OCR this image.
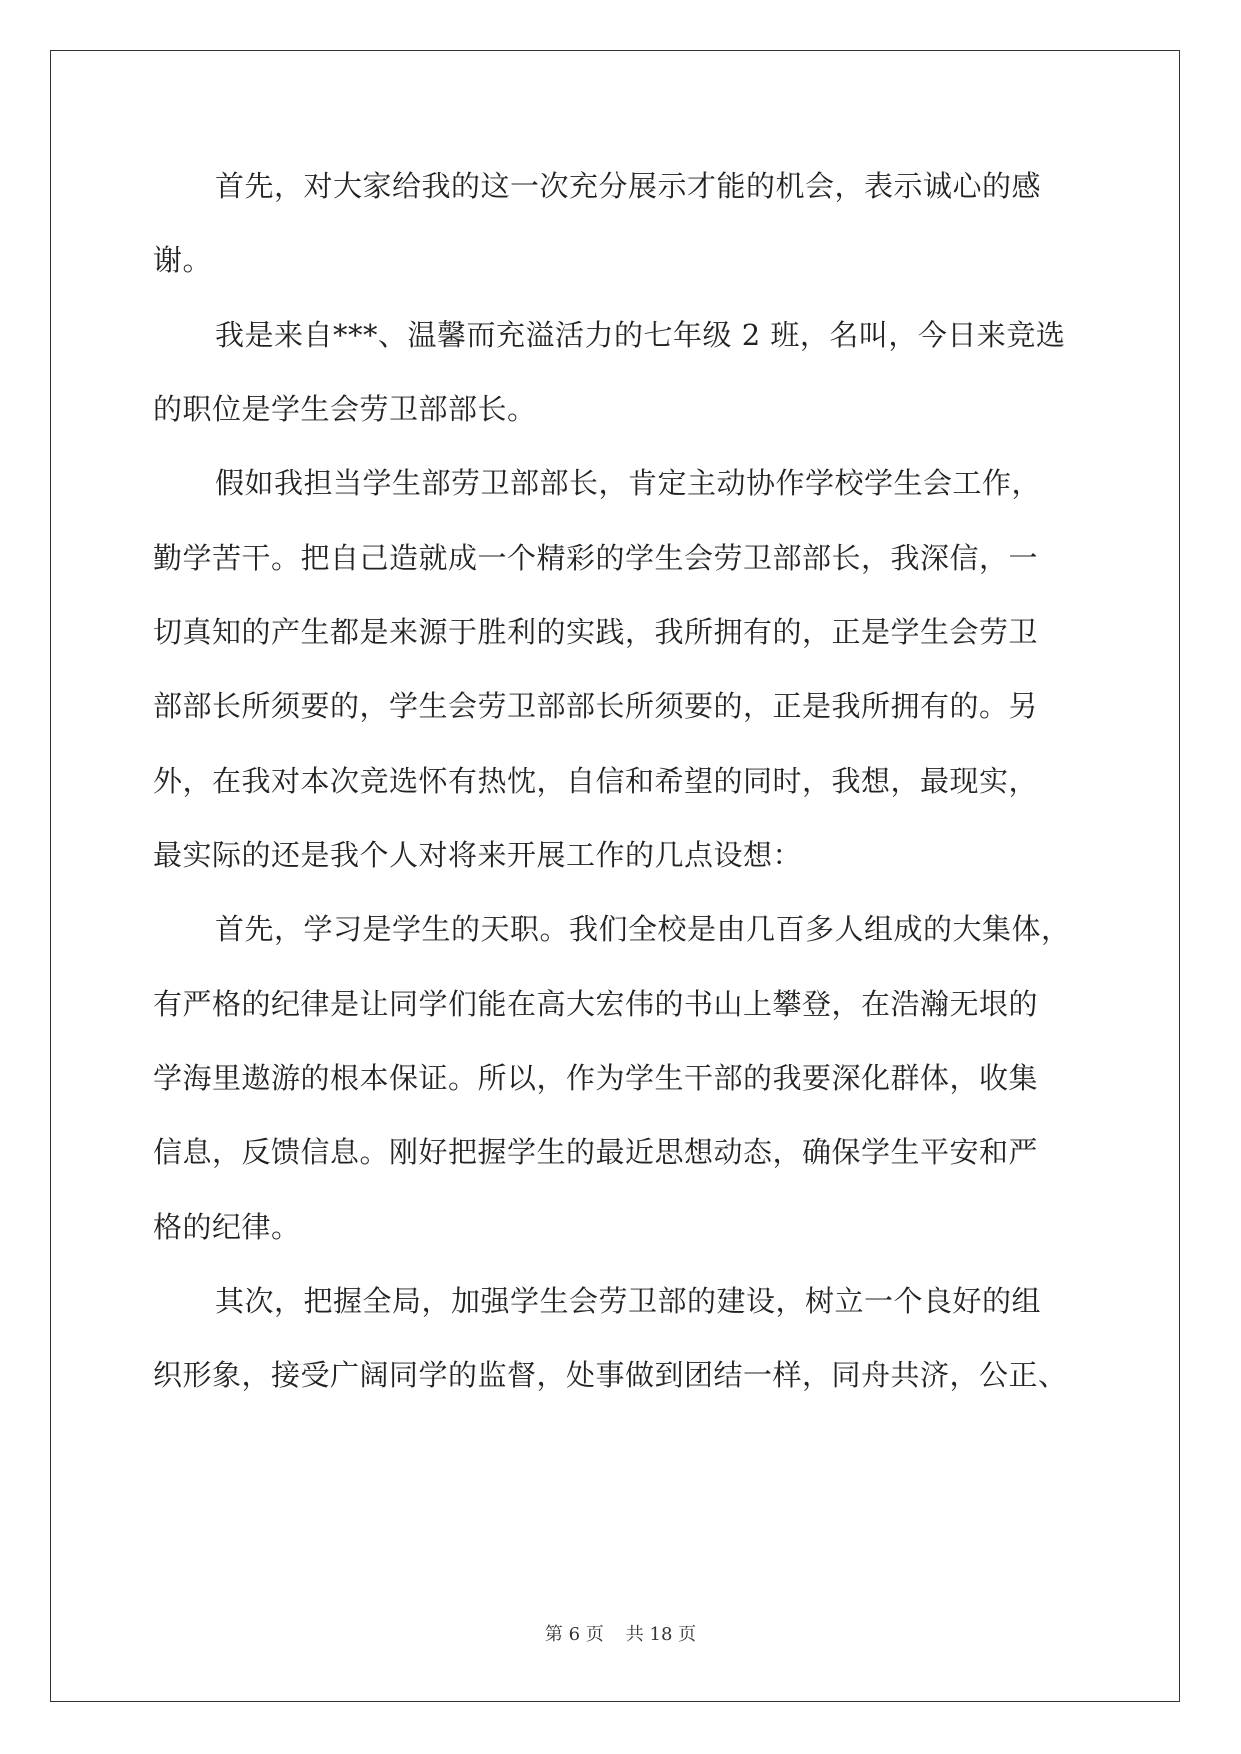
首先，对大家给我的这一次充分展示才能的机会，表示诚心的感
谢。
我是来自***、温馨而充溢活力的七年级 2 班，名叫，今日来竞选
的职位是学生会劳卫部部长。
假如我担当学生部劳卫部部长，肯定主动协作学校学生会工作，
勤学苦干。把自己造就成一个精彩的学生会劳卫部部长，我深信，一
切真知的产生都是来源于胜利的实践，我所拥有的，正是学生会劳卫
部部长所须要的，学生会劳卫部部长所须要的，正是我所拥有的。另
外，在我对本次竞选怀有热忱，自信和希望的同时，我想，最现实，
最实际的还是我个人对将来开展工作的几点设想：
首先，学习是学生的天职。我们全校是由几百多人组成的大集体，
有严格的纪律是让同学们能在高大宏伟的书山上攀登，在浩瀚无垠的
学海里遨游的根本保证。所以，作为学生干部的我要深化群体，收集
信息，反馈信息。刚好把握学生的最近思想动态，确保学生平安和严
格的纪律。
其次，把握全局，加强学生会劳卫部的建设，树立一个良好的组
织形象，接受广阔同学的监督，处事做到团结一样，同舟共济，公正、
第 6 页 共 18 页
